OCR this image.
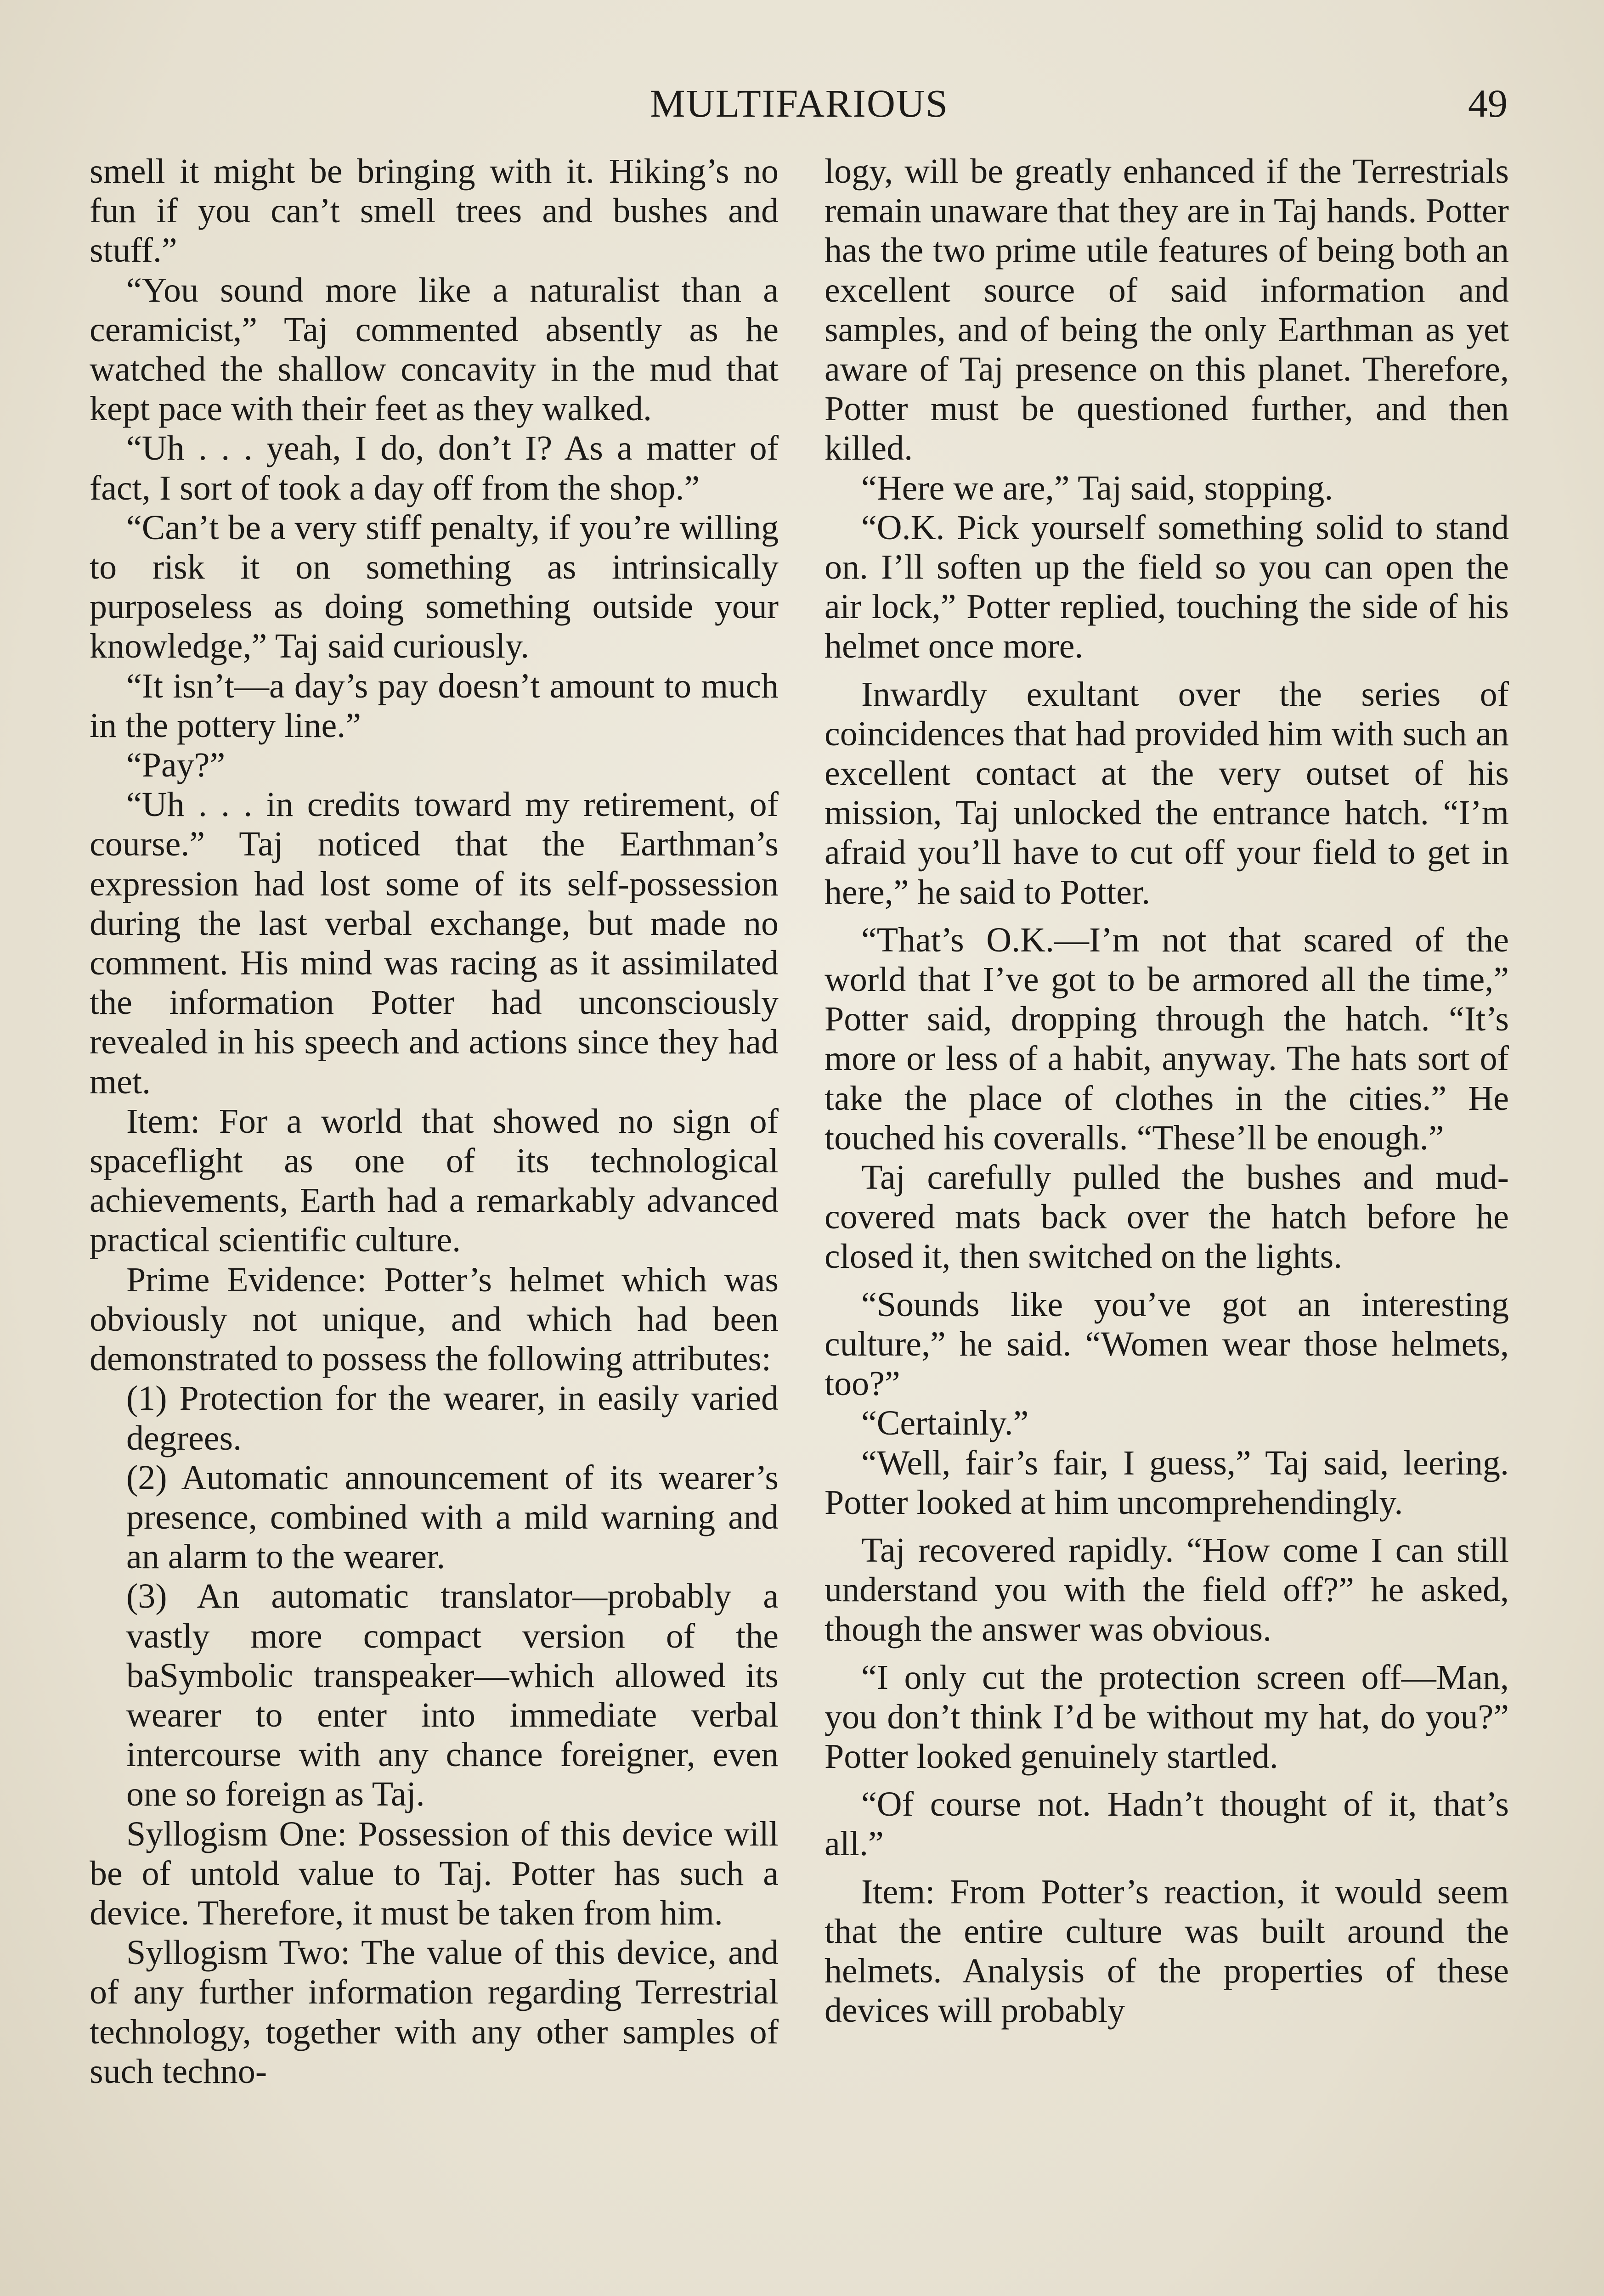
MULTIFARIOUS	49

smell it might be bringing with it. Hiking’s no fun if you can’t smell trees and bushes and stuff.”

“You sound more like a naturalist than a ceramicist,” Taj commented absently as he watched the shallow concavity in the mud that kept pace with their feet as they walked.

“Uh . . . yeah, I do, don’t I? As a matter of fact, I sort of took a day off from the shop.”

“Can’t be a very stiff penalty, if you’re willing to risk it on something as intrinsically purposeless as doing something outside your knowledge,” Taj said curiously.

“It isn’t—a day’s pay doesn’t amount to much in the pottery line.”

“Pay?”

“Uh . . . in credits toward my retirement, of course.” Taj noticed that the Earthman’s expression had lost some of its self-possession during the last verbal exchange, but made no comment. His mind was racing as it assimilated the information Potter had unconsciously revealed in his speech and actions since they had met.

Item: For a world that showed no sign of spaceflight as one of its technological achievements, Earth had a remarkably advanced practical scientific culture.

Prime Evidence: Potter’s helmet which was obviously not unique, and which had been demonstrated to possess the following attributes:

(1) Protection for the wearer, in easily varied degrees.

(2) Automatic announcement of its wearer’s presence, combined with a mild warning and an alarm to the wearer.

(3) An automatic translator—probably a vastly more compact version of the baSymbolic transpeaker—which allowed its wearer to enter into immediate verbal intercourse with any chance foreigner, even one so foreign as Taj.

Syllogism One: Possession of this device will be of untold value to Taj. Potter has such a device. Therefore, it must be taken from him.

Syllogism Two: The value of this device, and of any further information regarding Terrestrial technology, together with any other samples of such techno-

logy, will be greatly enhanced if the Terrestrials remain unaware that they are in Taj hands. Potter has the two prime utile features of being both an excellent source of said information and samples, and of being the only Earthman as yet aware of Taj presence on this planet. Therefore, Potter must be questioned further, and then killed.

“Here we are,” Taj said, stopping.

“O.K. Pick yourself something solid to stand on. I’ll soften up the field so you can open the air lock,” Potter replied, touching the side of his helmet once more.

Inwardly exultant over the series of coincidences that had provided him with such an excellent contact at the very outset of his mission, Taj unlocked the entrance hatch. “I’m afraid you’ll have to cut off your field to get in here,” he said to Potter.

“That’s O.K.—I’m not that scared of the world that I’ve got to be armored all the time,” Potter said, dropping through the hatch. “It’s more or less of a habit, anyway. The hats sort of take the place of clothes in the cities.” He touched his coveralls. “These’ll be enough.”

Taj carefully pulled the bushes and mud-covered mats back over the hatch before he closed it, then switched on the lights.

“Sounds like you’ve got an interesting culture,” he said. “Women wear those helmets, too?”

“Certainly.”

“Well, fair’s fair, I guess,” Taj said, leering. Potter looked at him uncomprehendingly.

Taj recovered rapidly. “How come I can still understand you with the field off?” he asked, though the answer was obvious.

“I only cut the protection screen off—Man, you don’t think I’d be without my hat, do you?” Potter looked genuinely startled.

“Of course not. Hadn’t thought of it, that’s all.”

Item: From Potter’s reaction, it would seem that the entire culture was built around the helmets. Analysis of the properties of these devices will probably
